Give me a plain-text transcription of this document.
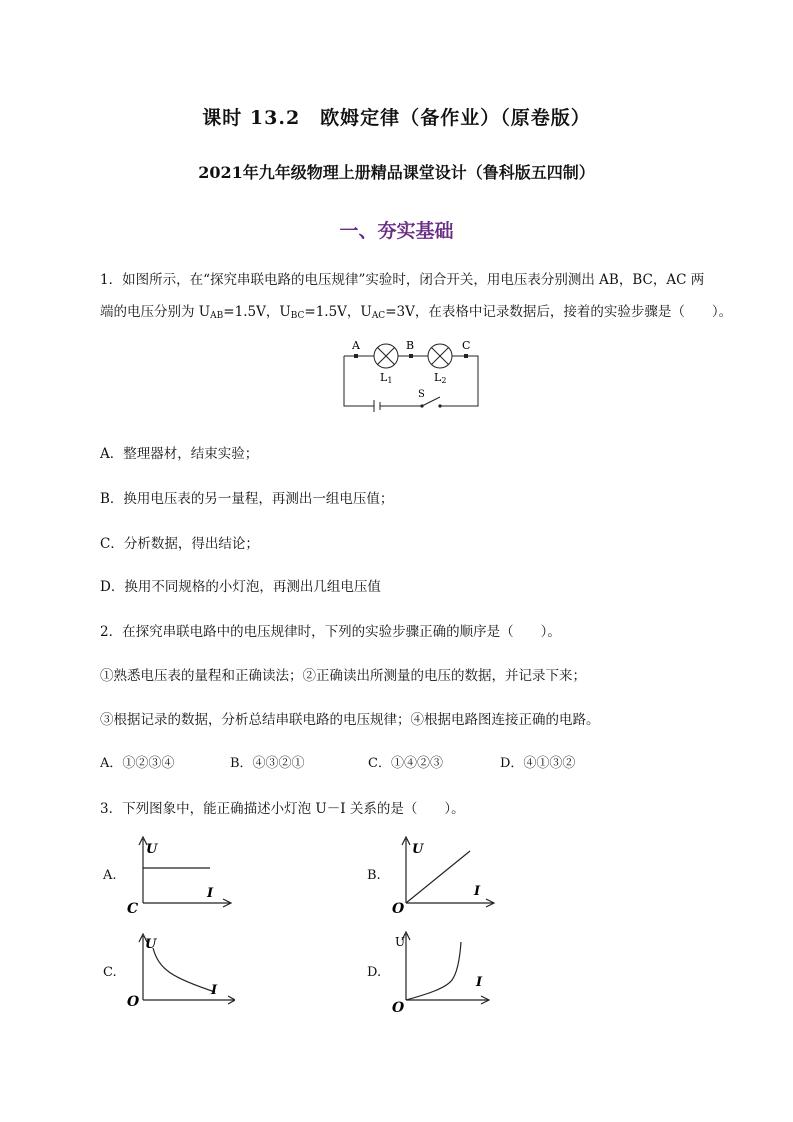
课时 13.2　欧姆定律（备作业）（原卷版）
2021年九年级物理上册精品课堂设计（鲁科版五四制）
一、夯实基础
1．如图所示，在“探究串联电路的电压规律”实验时，闭合开关，用电压表分别测出 AB，BC，AC 两
端的电压分别为 $U_{AB}=1.5V$，$U_{BC}=1.5V$，$U_{AC}=3V$，在表格中记录数据后，接着的实验步骤是（　　）。
A	B	C
L1	L2
S
A．整理器材，结束实验；
B．换用电压表的另一量程，再测出一组电压值；
C．分析数据，得出结论；
D．换用不同规格的小灯泡，再测出几组电压值
2．在探究串联电路中的电压规律时，下列的实验步骤正确的顺序是（　　）。
①熟悉电压表的量程和正确读法；②正确读出所测量的电压的数据，并记录下来；
③根据记录的数据，分析总结串联电路的电压规律；④根据电路图连接正确的电路。
A．①②③④	B．④③②①	C．①④②③	D．④①③②
3．下列图象中，能正确描述小灯泡 U－I 关系的是（　　）。
A.
U
I
C
B.
U
I
O
C.
U
I
O
D.
U
I
O
